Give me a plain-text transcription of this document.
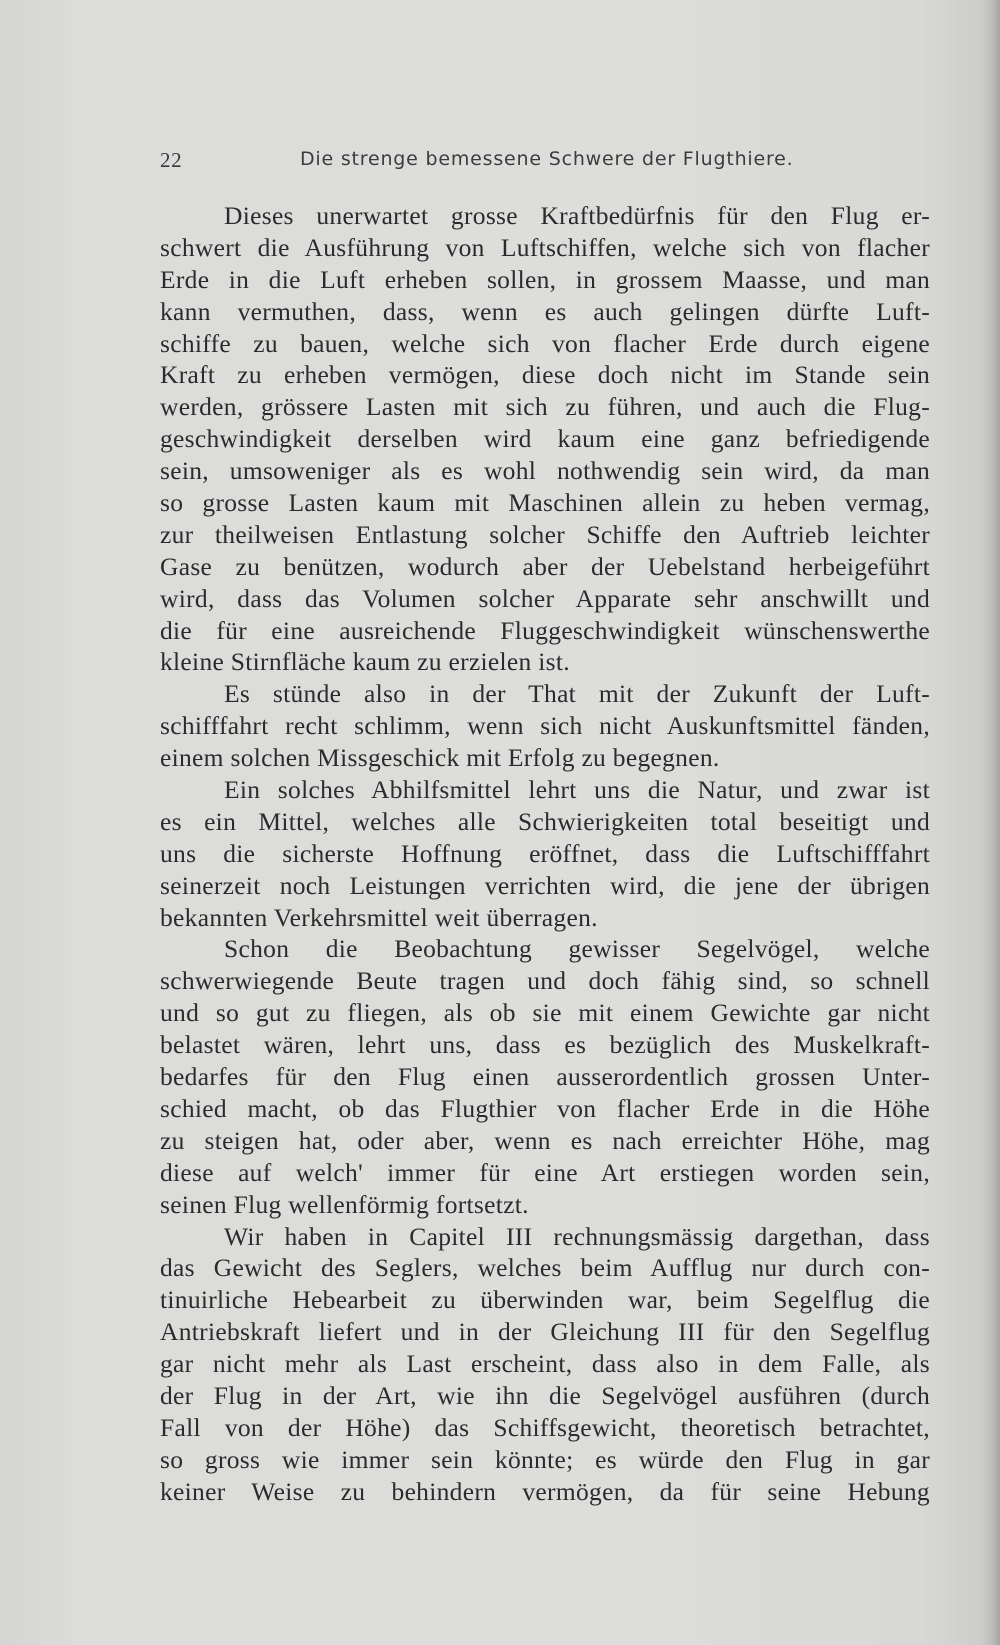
22	Die strenge bemessene Schwere der Flugthiere.
Dieses unerwartet grosse Kraftbedürfnis für den Flug er-
schwert die Ausführung von Luftschiffen, welche sich von flacher
Erde in die Luft erheben sollen, in grossem Maasse, und man
kann vermuthen, dass, wenn es auch gelingen dürfte Luft-
schiffe zu bauen, welche sich von flacher Erde durch eigene
Kraft zu erheben vermögen, diese doch nicht im Stande sein
werden, grössere Lasten mit sich zu führen, und auch die Flug-
geschwindigkeit derselben wird kaum eine ganz befriedigende
sein, umsoweniger als es wohl nothwendig sein wird, da man
so grosse Lasten kaum mit Maschinen allein zu heben vermag,
zur theilweisen Entlastung solcher Schiffe den Auftrieb leichter
Gase zu benützen, wodurch aber der Uebelstand herbeigeführt
wird, dass das Volumen solcher Apparate sehr anschwillt und
die für eine ausreichende Fluggeschwindigkeit wünschenswerthe
kleine Stirnfläche kaum zu erzielen ist.
Es stünde also in der That mit der Zukunft der Luft-
schifffahrt recht schlimm, wenn sich nicht Auskunftsmittel fänden,
einem solchen Missgeschick mit Erfolg zu begegnen.
Ein solches Abhilfsmittel lehrt uns die Natur, und zwar ist
es ein Mittel, welches alle Schwierigkeiten total beseitigt und
uns die sicherste Hoffnung eröffnet, dass die Luftschifffahrt
seinerzeit noch Leistungen verrichten wird, die jene der übrigen
bekannten Verkehrsmittel weit überragen.
Schon die Beobachtung gewisser Segelvögel, welche
schwerwiegende Beute tragen und doch fähig sind, so schnell
und so gut zu fliegen, als ob sie mit einem Gewichte gar nicht
belastet wären, lehrt uns, dass es bezüglich des Muskelkraft-
bedarfes für den Flug einen ausserordentlich grossen Unter-
schied macht, ob das Flugthier von flacher Erde in die Höhe
zu steigen hat, oder aber, wenn es nach erreichter Höhe, mag
diese auf welch' immer für eine Art erstiegen worden sein,
seinen Flug wellenförmig fortsetzt.
Wir haben in Capitel III rechnungsmässig dargethan, dass
das Gewicht des Seglers, welches beim Aufflug nur durch con-
tinuirliche Hebearbeit zu überwinden war, beim Segelflug die
Antriebskraft liefert und in der Gleichung III für den Segelflug
gar nicht mehr als Last erscheint, dass also in dem Falle, als
der Flug in der Art, wie ihn die Segelvögel ausführen (durch
Fall von der Höhe) das Schiffsgewicht, theoretisch betrachtet,
so gross wie immer sein könnte; es würde den Flug in gar
keiner Weise zu behindern vermögen, da für seine Hebung
